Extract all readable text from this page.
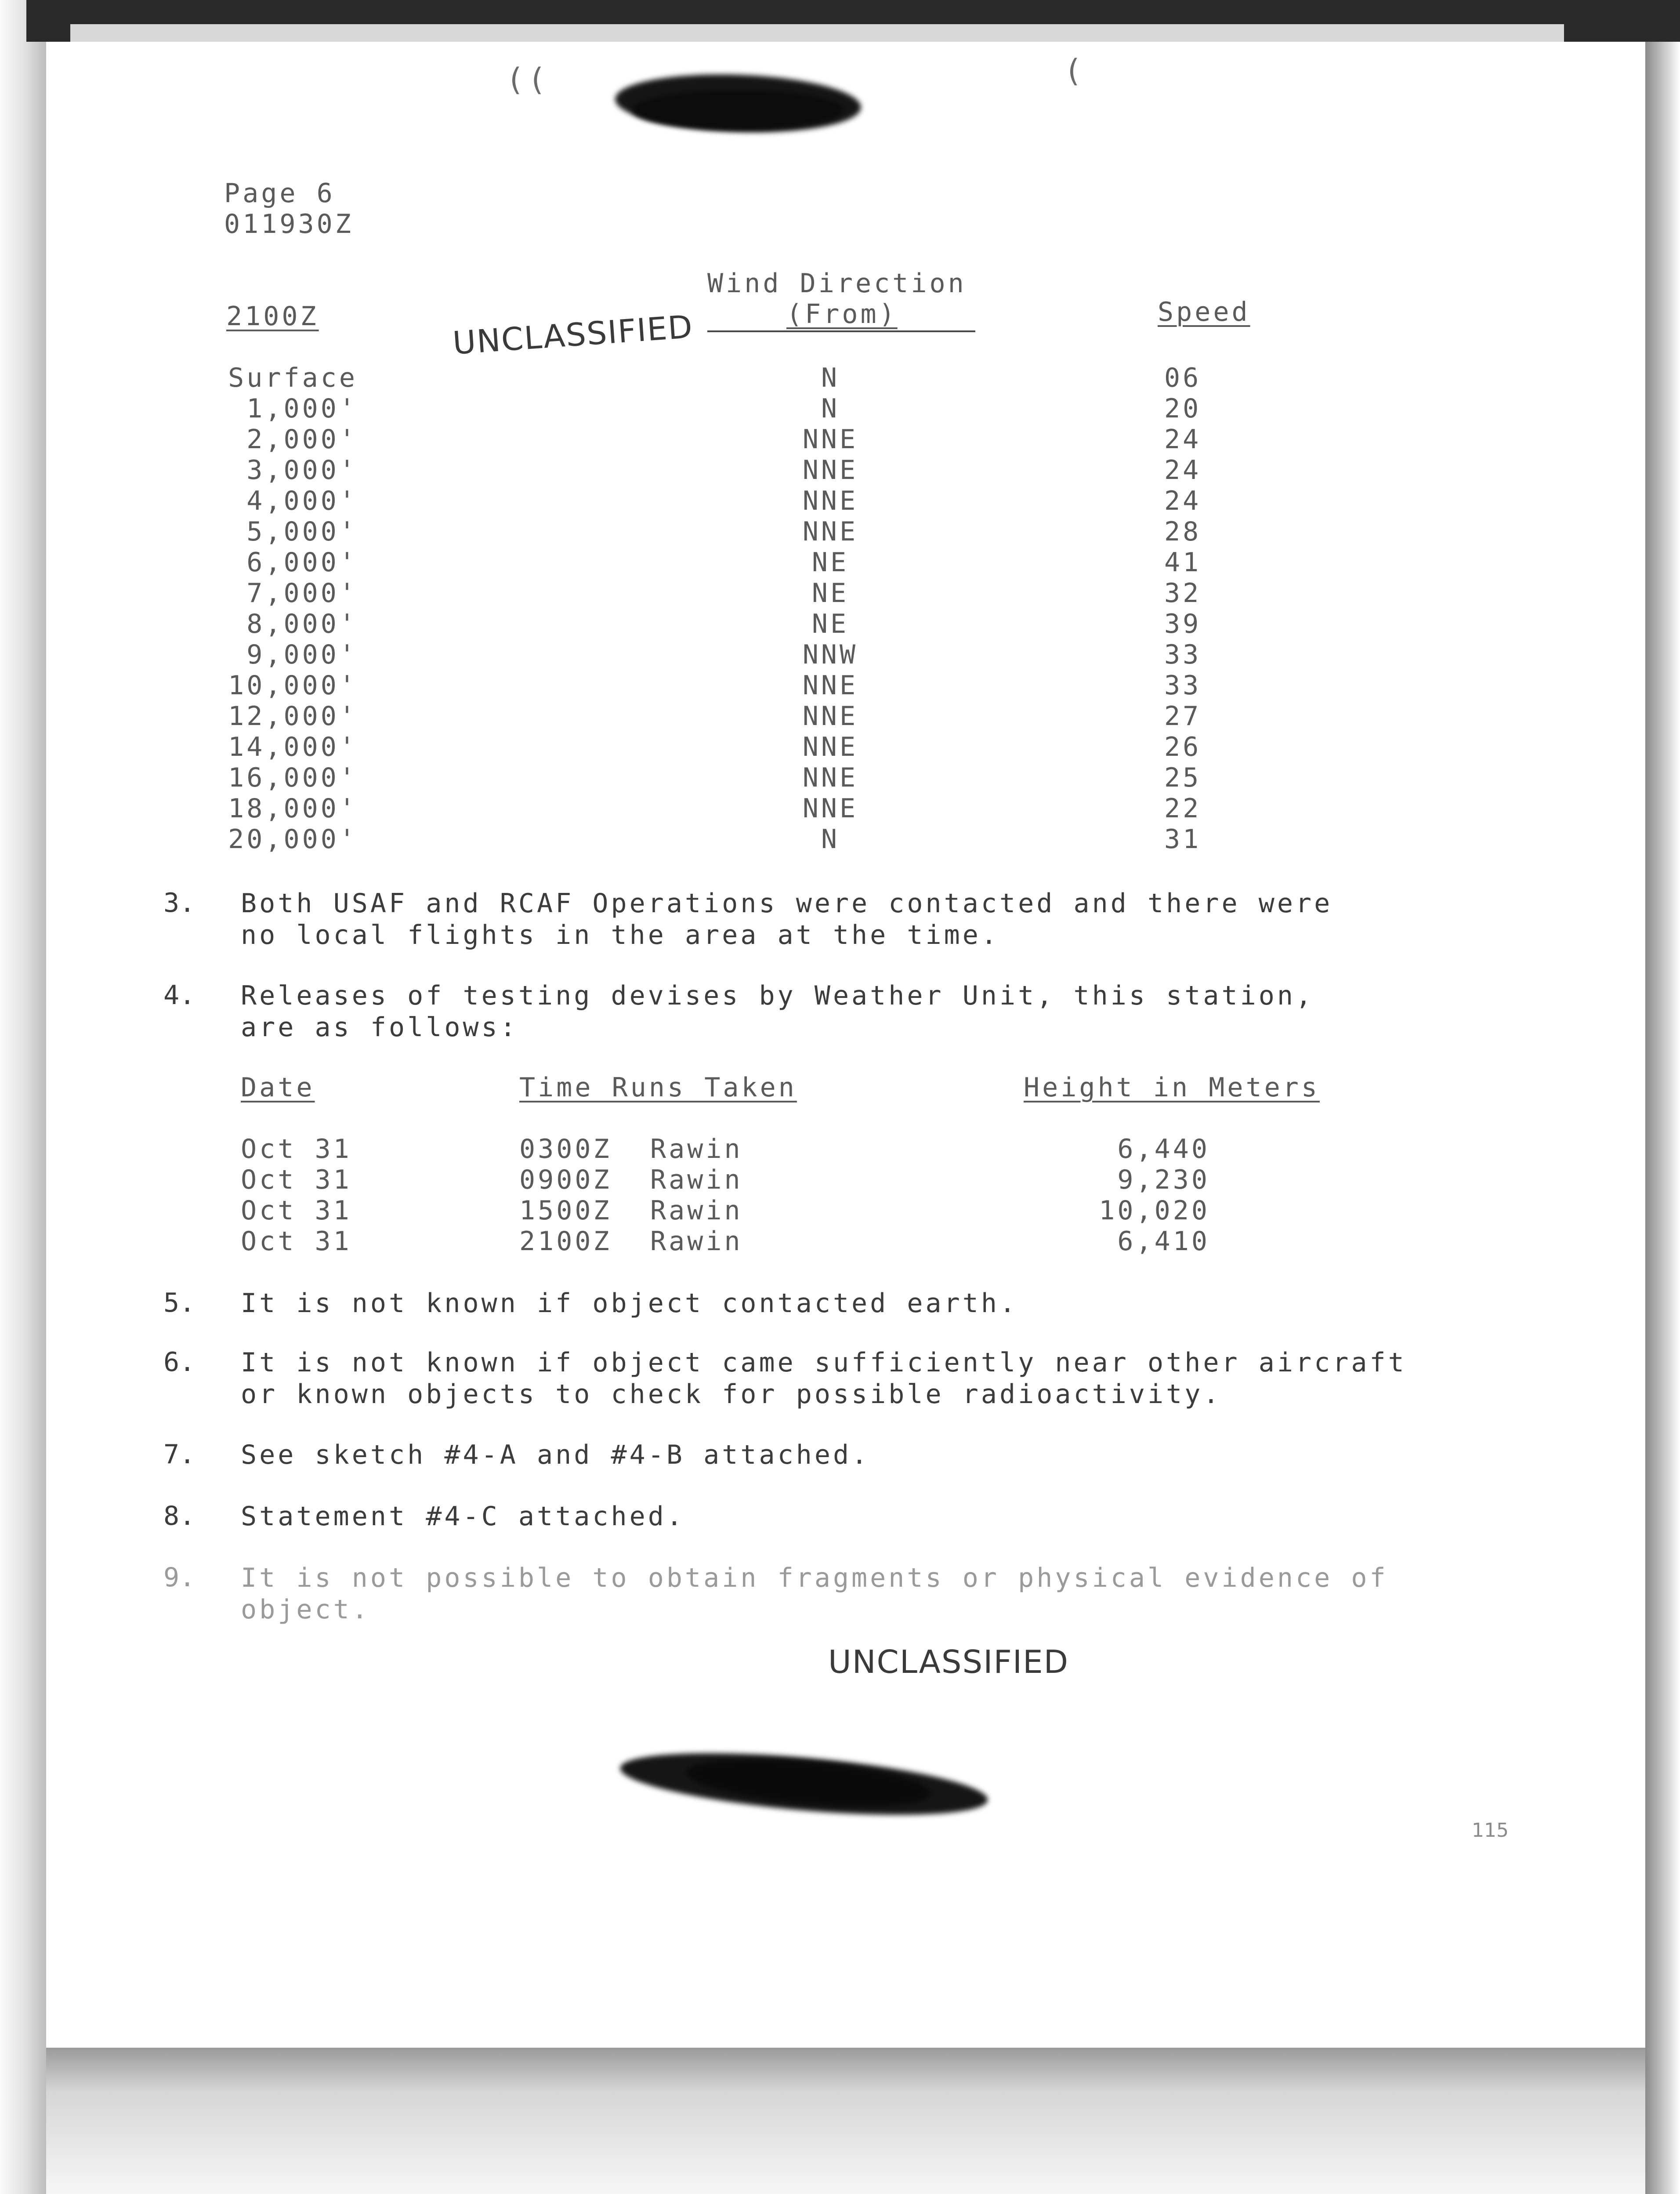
( (	(
Page 6
011930Z
2100Z
Wind Direction
(From)	Speed
UNCLASSIFIED
Surface	N	06
1,000'	N	20
2,000'	NNE	24
3,000'	NNE	24
4,000'	NNE	24
5,000'	NNE	28
6,000'	NE	41
7,000'	NE	32
8,000'	NE	39
9,000'	NNW	33
10,000'	NNE	33
12,000'	NNE	27
14,000'	NNE	26
16,000'	NNE	25
18,000'	NNE	22
20,000'	N	31
3. Both USAF and RCAF Operations were contacted and there were
no local flights in the area at the time.
4. Releases of testing devises by Weather Unit, this station,
are as follows:
Date	Time Runs Taken	Height in Meters
Oct 31	0300Z Rawin	6,440
Oct 31	0900Z Rawin	9,230
Oct 31	1500Z Rawin	10,020
Oct 31	2100Z Rawin	6,410
5. It is not known if object contacted earth.
6. It is not known if object came sufficiently near other aircraft
or known objects to check for possible radioactivity.
7. See sketch #4-A and #4-B attached.
8. Statement #4-C attached.
9. It is not possible to obtain fragments or physical evidence of
object.
UNCLASSIFIED
115
